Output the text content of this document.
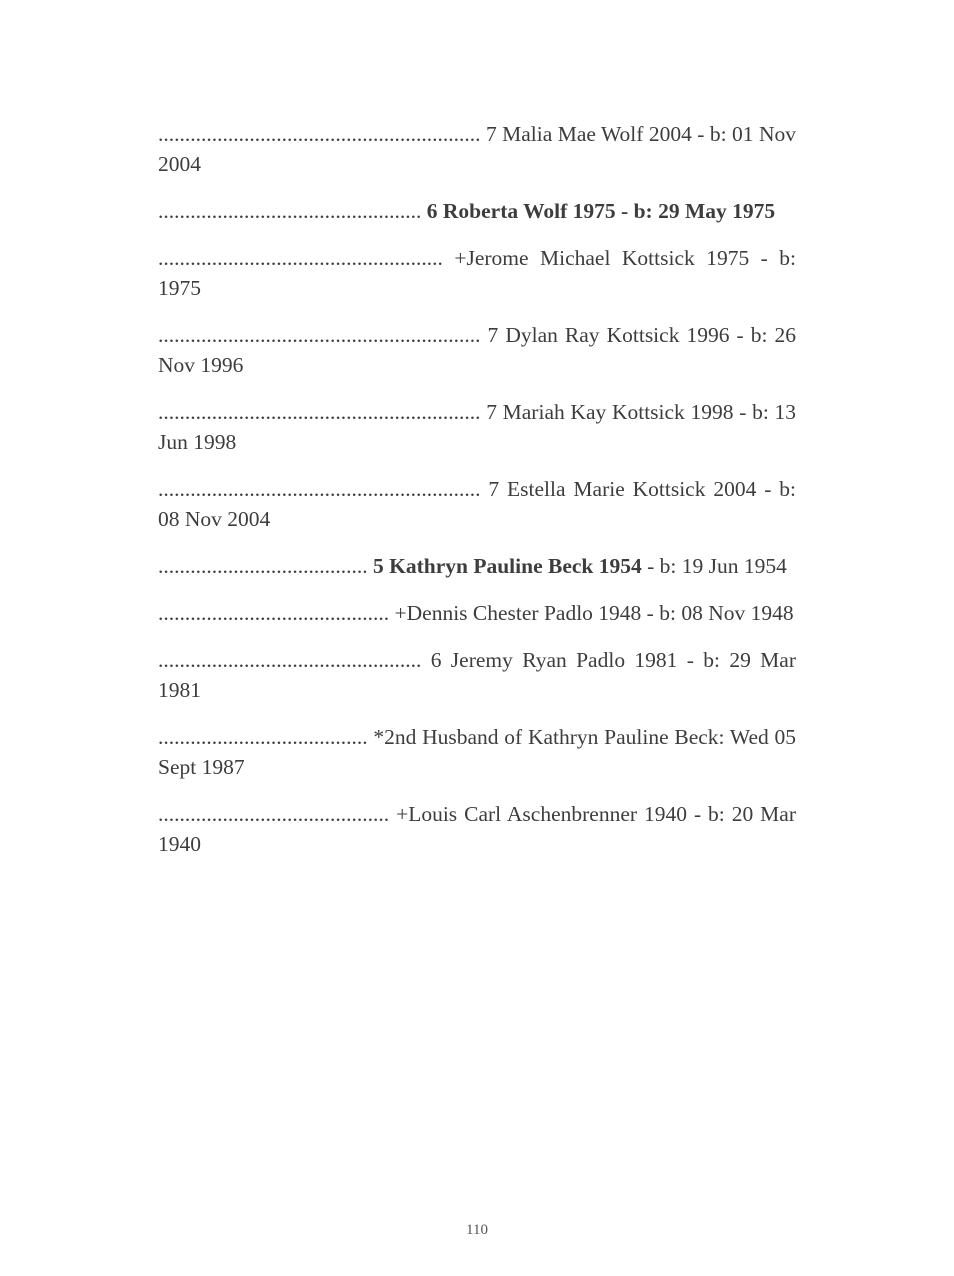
............................................................ 7 Malia Mae Wolf 2004 - b: 01 Nov 2004

................................................. 6 Roberta Wolf 1975 - b: 29 May 1975

..................................................... +Jerome Michael Kottsick 1975 - b: 1975

............................................................ 7 Dylan Ray Kottsick 1996 - b: 26 Nov 1996

............................................................ 7 Mariah Kay Kottsick 1998 - b: 13 Jun 1998

............................................................ 7 Estella Marie Kottsick 2004 - b: 08 Nov 2004

....................................... 5 Kathryn Pauline Beck 1954 - b: 19 Jun 1954

........................................... +Dennis Chester Padlo 1948 - b: 08 Nov 1948

................................................. 6 Jeremy Ryan Padlo 1981 - b: 29 Mar 1981

....................................... *2nd Husband of Kathryn Pauline Beck: Wed 05 Sept 1987

........................................... +Louis Carl Aschenbrenner 1940 - b: 20 Mar 1940

110
